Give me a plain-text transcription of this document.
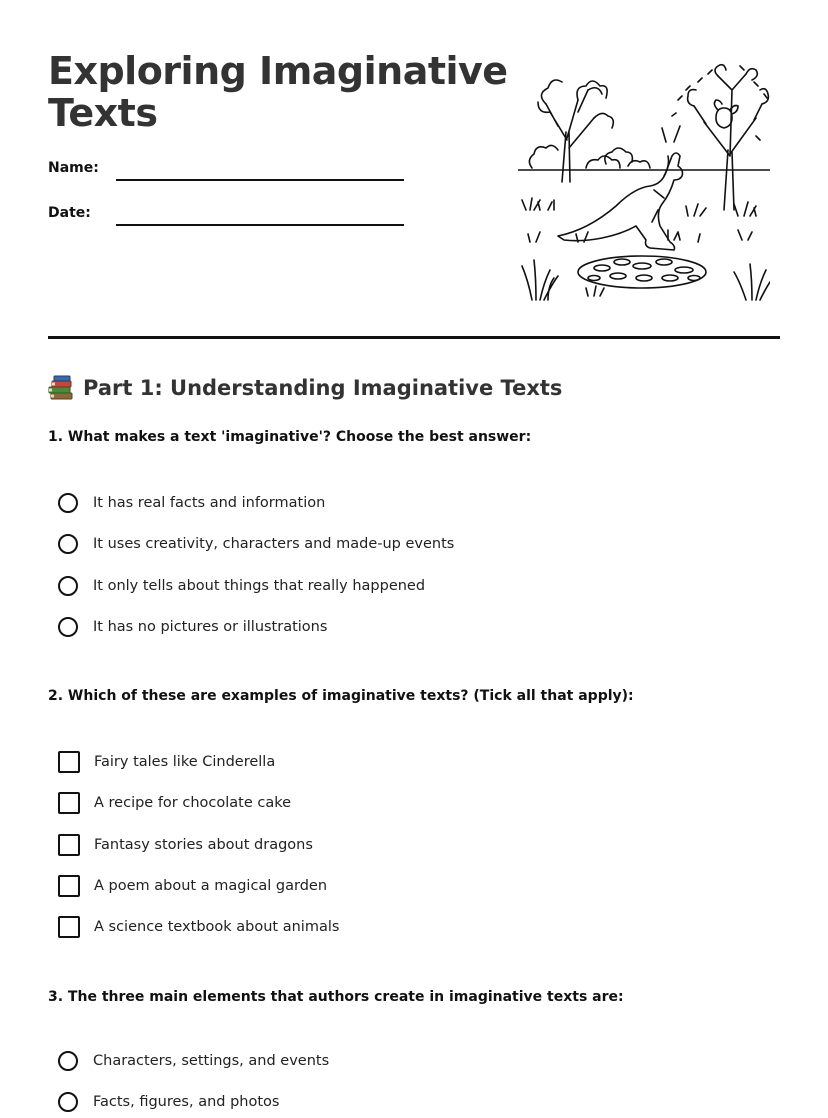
Exploring Imaginative
Texts
Name:
Date:
Part 1: Understanding Imaginative Texts
1. What makes a text 'imaginative'? Choose the best answer:
It has real facts and information
It uses creativity, characters and made-up events
It only tells about things that really happened
It has no pictures or illustrations
2. Which of these are examples of imaginative texts? (Tick all that apply):
Fairy tales like Cinderella
A recipe for chocolate cake
Fantasy stories about dragons
A poem about a magical garden
A science textbook about animals
3. The three main elements that authors create in imaginative texts are:
Characters, settings, and events
Facts, figures, and photos
